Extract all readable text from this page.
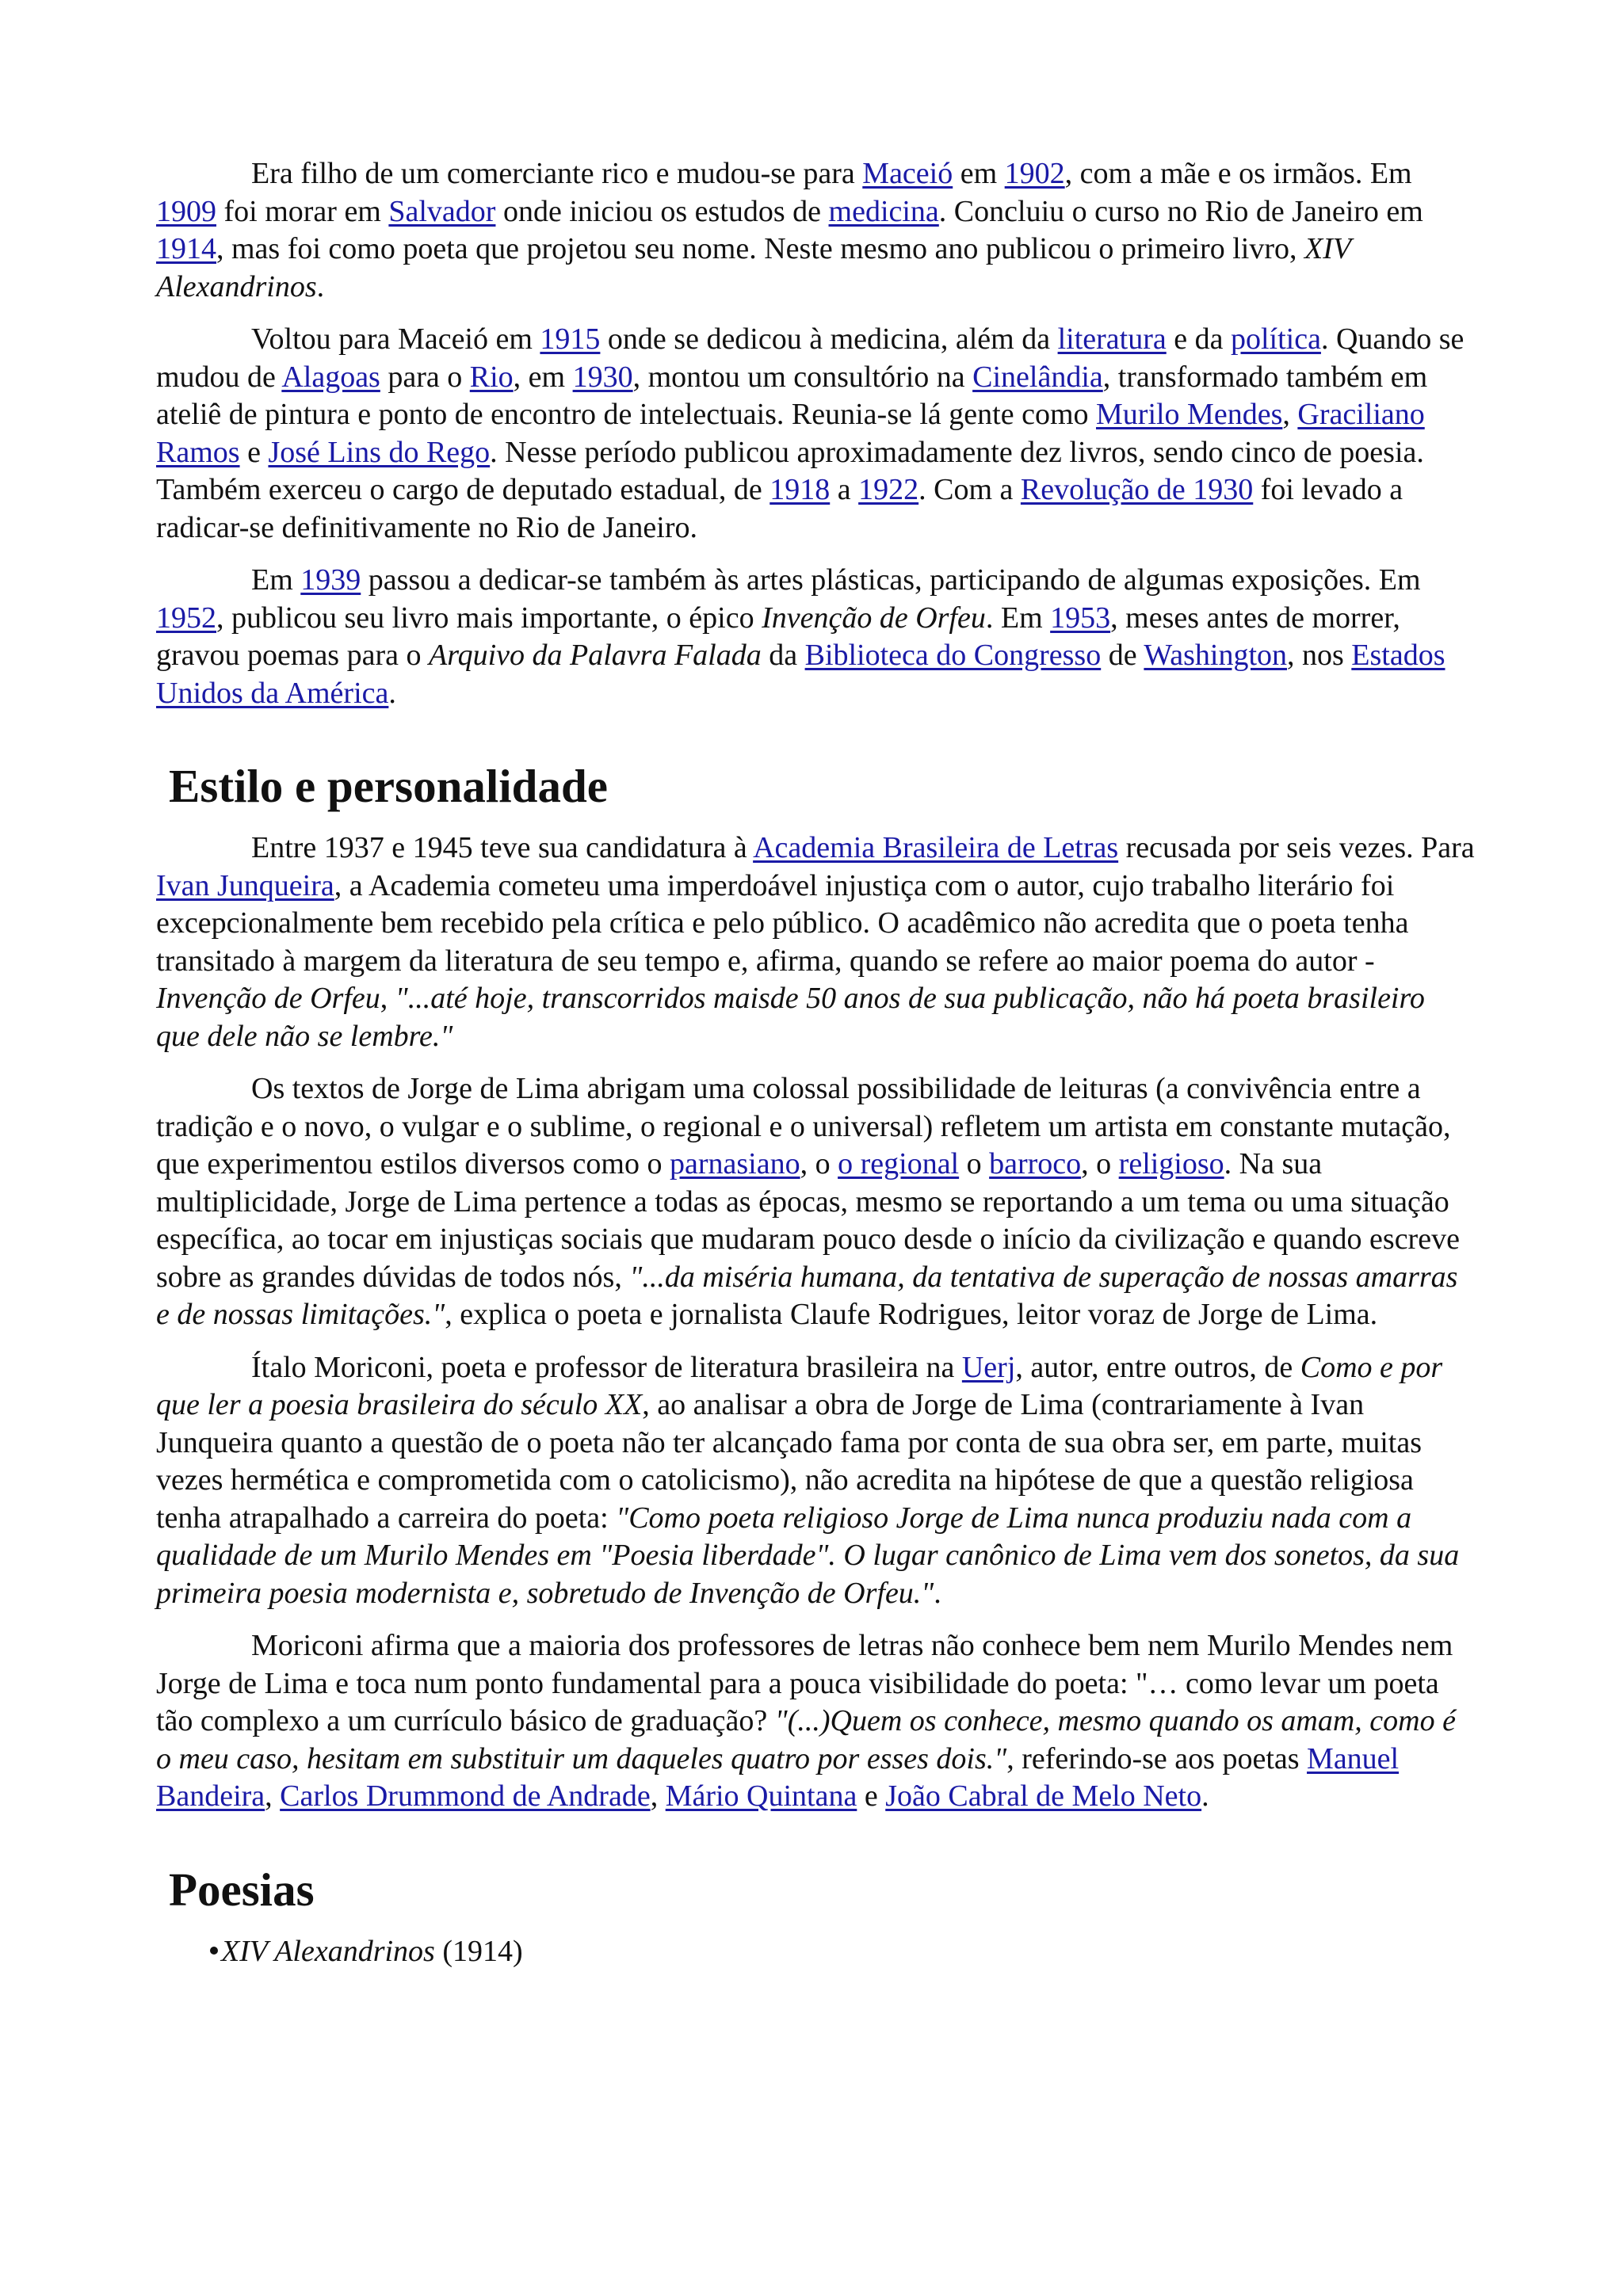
Era filho de um comerciante rico e mudou-se para Maceió em 1902, com a mãe e os irmãos. Em 1909 foi morar em Salvador onde iniciou os estudos de medicina. Concluiu o curso no Rio de Janeiro em 1914, mas foi como poeta que projetou seu nome. Neste mesmo ano publicou o primeiro livro, XIV Alexandrinos.

Voltou para Maceió em 1915 onde se dedicou à medicina, além da literatura e da política. Quando se mudou de Alagoas para o Rio, em 1930, montou um consultório na Cinelândia, transformado também em ateliê de pintura e ponto de encontro de intelectuais. Reunia-se lá gente como Murilo Mendes, Graciliano Ramos e José Lins do Rego. Nesse período publicou aproximadamente dez livros, sendo cinco de poesia. Também exerceu o cargo de deputado estadual, de 1918 a 1922. Com a Revolução de 1930 foi levado a radicar-se definitivamente no Rio de Janeiro.

Em 1939 passou a dedicar-se também às artes plásticas, participando de algumas exposições. Em 1952, publicou seu livro mais importante, o épico Invenção de Orfeu. Em 1953, meses antes de morrer, gravou poemas para o Arquivo da Palavra Falada da Biblioteca do Congresso de Washington, nos Estados Unidos da América.

Estilo e personalidade

Entre 1937 e 1945 teve sua candidatura à Academia Brasileira de Letras recusada por seis vezes. Para Ivan Junqueira, a Academia cometeu uma imperdoável injustiça com o autor, cujo trabalho literário foi excepcionalmente bem recebido pela crítica e pelo público. O acadêmico não acredita que o poeta tenha transitado à margem da literatura de seu tempo e, afirma, quando se refere ao maior poema do autor - Invenção de Orfeu, "...até hoje, transcorridos maisde 50 anos de sua publicação, não há poeta brasileiro que dele não se lembre."

Os textos de Jorge de Lima abrigam uma colossal possibilidade de leituras (a convivência entre a tradição e o novo, o vulgar e o sublime, o regional e o universal) refletem um artista em constante mutação, que experimentou estilos diversos como o parnasiano, o o regional o barroco, o religioso. Na sua multiplicidade, Jorge de Lima pertence a todas as épocas, mesmo se reportando a um tema ou uma situação específica, ao tocar em injustiças sociais que mudaram pouco desde o início da civilização e quando escreve sobre as grandes dúvidas de todos nós, "...da miséria humana, da tentativa de superação de nossas amarras e de nossas limitações.", explica o poeta e jornalista Claufe Rodrigues, leitor voraz de Jorge de Lima.

Ítalo Moriconi, poeta e professor de literatura brasileira na Uerj, autor, entre outros, de Como e por que ler a poesia brasileira do século XX, ao analisar a obra de Jorge de Lima (contrariamente à Ivan Junqueira quanto a questão de o poeta não ter alcançado fama por conta de sua obra ser, em parte, muitas vezes hermética e comprometida com o catolicismo), não acredita na hipótese de que a questão religiosa tenha atrapalhado a carreira do poeta: "Como poeta religioso Jorge de Lima nunca produziu nada com a qualidade de um Murilo Mendes em "Poesia liberdade". O lugar canônico de Lima vem dos sonetos, da sua primeira poesia modernista e, sobretudo de Invenção de Orfeu.".

Moriconi afirma que a maioria dos professores de letras não conhece bem nem Murilo Mendes nem Jorge de Lima e toca num ponto fundamental para a pouca visibilidade do poeta: "… como levar um poeta tão complexo a um currículo básico de graduação? "(...)Quem os conhece, mesmo quando os amam, como é o meu caso, hesitam em substituir um daqueles quatro por esses dois.", referindo-se aos poetas Manuel Bandeira, Carlos Drummond de Andrade, Mário Quintana e João Cabral de Melo Neto.

Poesias
XIV Alexandrinos (1914)
